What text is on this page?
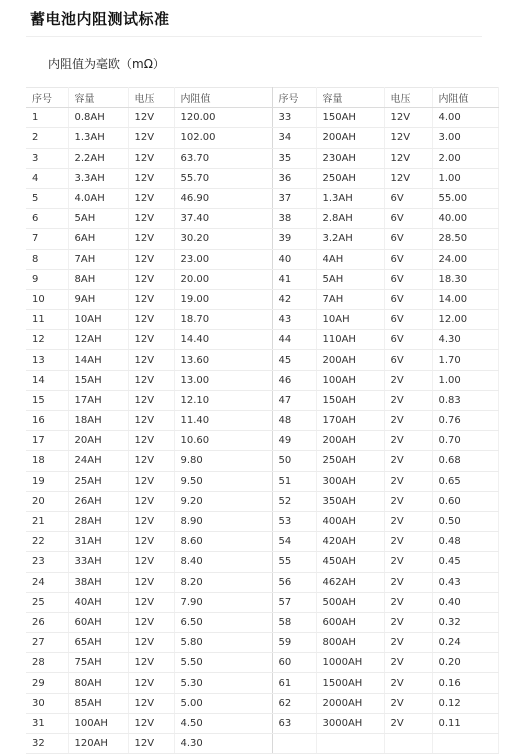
蓄电池内阻测试标准
内阻值为毫欧（mΩ）
序号	容量	电压	内阻值	序号	容量	电压	内阻值
1	0.8AH	12V	120.00	33	150AH	12V	4.00
2	1.3AH	12V	102.00	34	200AH	12V	3.00
3	2.2AH	12V	63.70	35	230AH	12V	2.00
4	3.3AH	12V	55.70	36	250AH	12V	1.00
5	4.0AH	12V	46.90	37	1.3AH	6V	55.00
6	5AH	12V	37.40	38	2.8AH	6V	40.00
7	6AH	12V	30.20	39	3.2AH	6V	28.50
8	7AH	12V	23.00	40	4AH	6V	24.00
9	8AH	12V	20.00	41	5AH	6V	18.30
10	9AH	12V	19.00	42	7AH	6V	14.00
11	10AH	12V	18.70	43	10AH	6V	12.00
12	12AH	12V	14.40	44	110AH	6V	4.30
13	14AH	12V	13.60	45	200AH	6V	1.70
14	15AH	12V	13.00	46	100AH	2V	1.00
15	17AH	12V	12.10	47	150AH	2V	0.83
16	18AH	12V	11.40	48	170AH	2V	0.76
17	20AH	12V	10.60	49	200AH	2V	0.70
18	24AH	12V	9.80	50	250AH	2V	0.68
19	25AH	12V	9.50	51	300AH	2V	0.65
20	26AH	12V	9.20	52	350AH	2V	0.60
21	28AH	12V	8.90	53	400AH	2V	0.50
22	31AH	12V	8.60	54	420AH	2V	0.48
23	33AH	12V	8.40	55	450AH	2V	0.45
24	38AH	12V	8.20	56	462AH	2V	0.43
25	40AH	12V	7.90	57	500AH	2V	0.40
26	60AH	12V	6.50	58	600AH	2V	0.32
27	65AH	12V	5.80	59	800AH	2V	0.24
28	75AH	12V	5.50	60	1000AH	2V	0.20
29	80AH	12V	5.30	61	1500AH	2V	0.16
30	85AH	12V	5.00	62	2000AH	2V	0.12
31	100AH	12V	4.50	63	3000AH	2V	0.11
32	120AH	12V	4.30				
